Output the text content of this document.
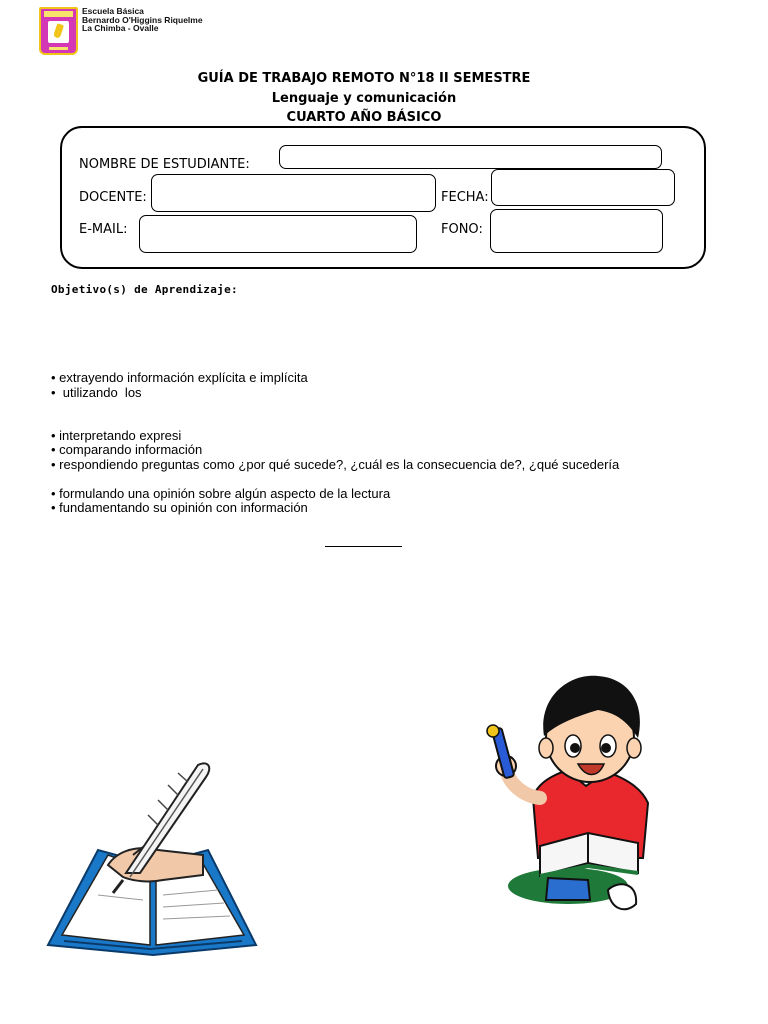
Escuela Básica
Bernardo O'Higgins Riquelme
La Chimba - Ovalle
GUÍA DE TRABAJO REMOTO N°18 II SEMESTRE
Lenguaje y comunicación
CUARTO AÑO BÁSICO
NOMBRE DE ESTUDIANTE:
DOCENTE:	FECHA:
E-MAIL:	FONO:
Objetivo(s) de Aprendizaje:
• extrayendo información explícita e implícita
•  utilizando  los
• interpretando expresi
• comparando información
• respondiendo preguntas como ¿por qué sucede?, ¿cuál es la consecuencia de?, ¿qué sucedería
• formulando una opinión sobre algún aspecto de la lectura
• fundamentando su opinión con información
